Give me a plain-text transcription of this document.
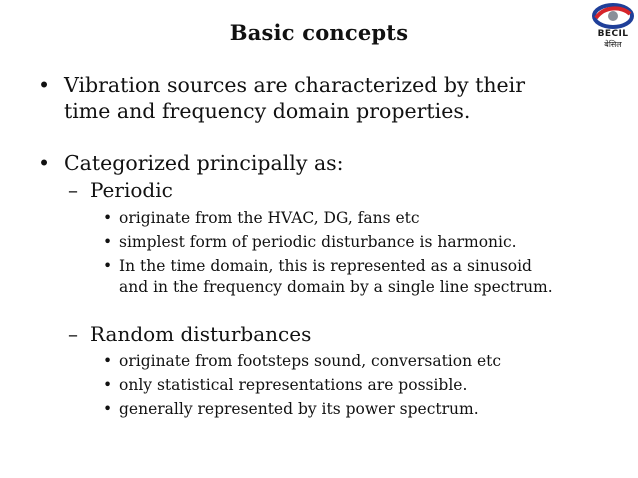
Basic concepts	BECIL
बेसिल
• Vibration sources are characterized by their
time and frequency domain properties.
• Categorized principally as:
– Periodic
• originate from the HVAC, DG, fans etc
• simplest form of periodic disturbance is harmonic.
• In the time domain, this is represented as a sinusoid
and in the frequency domain by a single line spectrum.
– Random disturbances
• originate from footsteps sound, conversation etc
• only statistical representations are possible.
• generally represented by its power spectrum.
